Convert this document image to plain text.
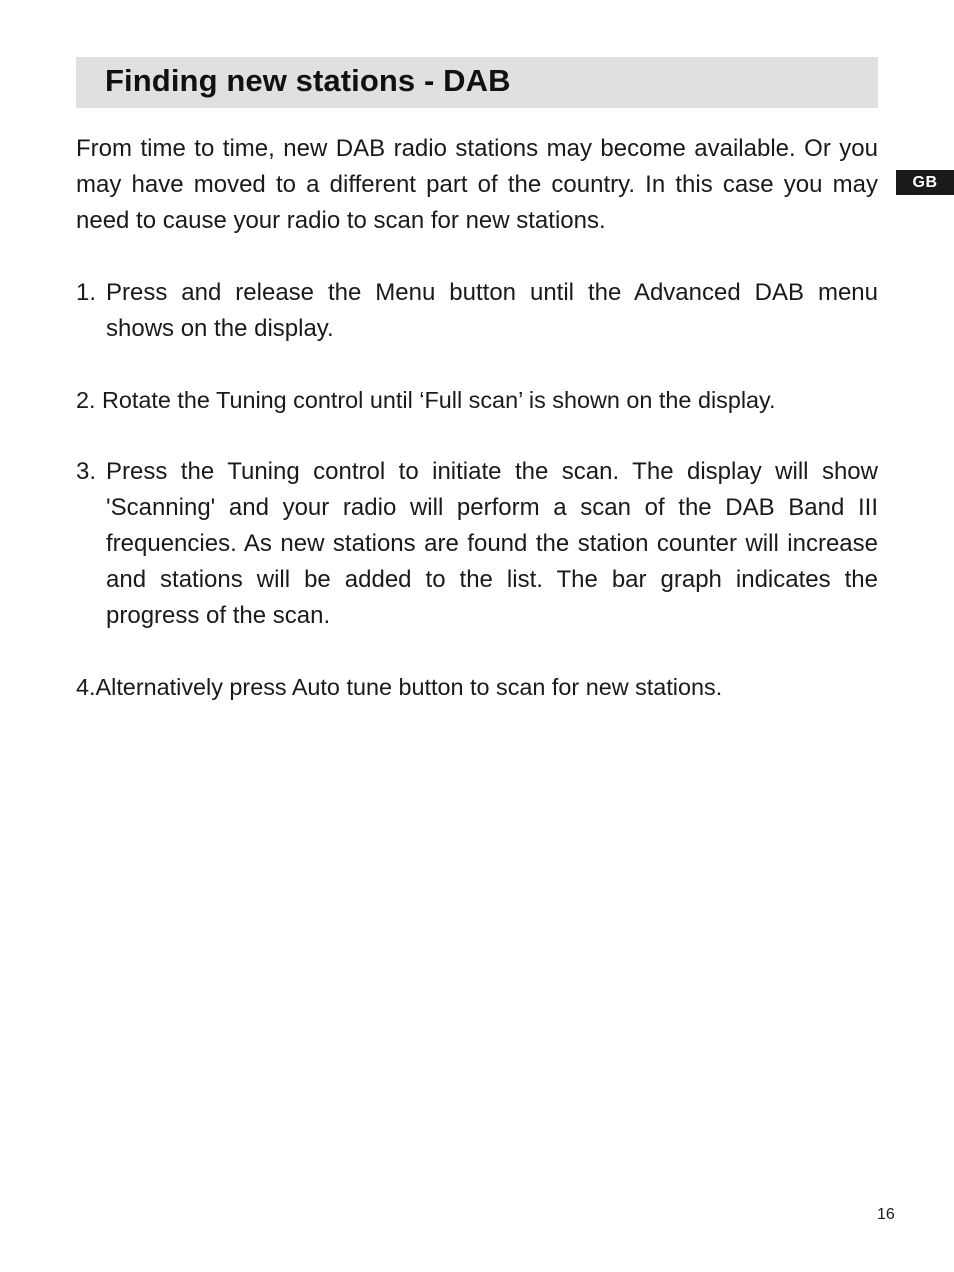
Finding new stations - DAB
GB

From time to time, new DAB radio stations may become available. Or you may have moved to a different part of the country. In this case you may need to cause your radio to scan for new stations.

1. Press and release the Menu button until the Advanced DAB menu shows on the display.
2. Rotate the Tuning control until ‘Full scan’ is shown on the display.
3. Press the Tuning control to initiate the scan. The display will show 'Scanning' and your radio will perform a scan of the DAB Band III frequencies. As new stations are found the station counter will increase and stations will be added to the list. The bar graph indicates the progress of the scan.
4.Alternatively press Auto tune button to scan for new stations.
16
